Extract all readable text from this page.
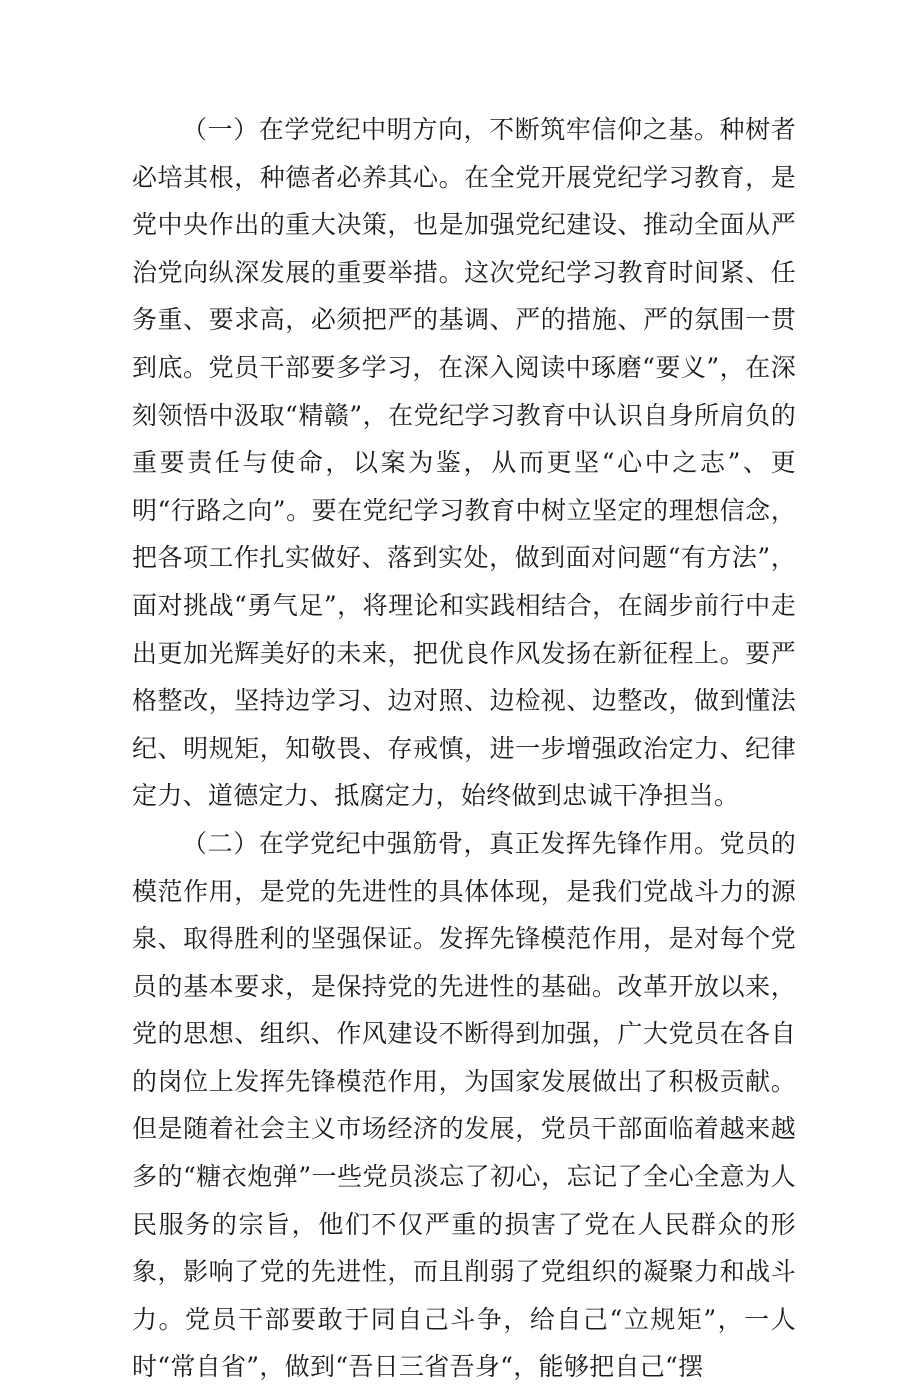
（一）在学党纪中明方向，不断筑牢信仰之基。种树者必培其根，种德者必养其心。在全党开展党纪学习教育，是党中央作出的重大决策，也是加强党纪建设、推动全面从严治党向纵深发展的重要举措。这次党纪学习教育时间紧、任务重、要求高，必须把严的基调、严的措施、严的氛围一贯到底。党员干部要多学习，在深入阅读中琢磨“要义”，在深刻领悟中汲取“精赣”，在党纪学习教育中认识自身所肩负的重要责任与使命，以案为鉴，从而更坚“心中之志”、更明“行路之向”。要在党纪学习教育中树立坚定的理想信念，把各项工作扎实做好、落到实处，做到面对问题“有方法”，面对挑战“勇气足”，将理论和实践相结合，在阔步前行中走出更加光辉美好的未来，把优良作风发扬在新征程上。要严格整改，坚持边学习、边对照、边检视、边整改，做到懂法纪、明规矩，知敬畏、存戒慎，进一步增强政治定力、纪律定力、道德定力、抵腐定力，始终做到忠诚干净担当。

（二）在学党纪中强筋骨，真正发挥先锋作用。党员的模范作用，是党的先进性的具体体现，是我们党战斗力的源泉、取得胜利的坚强保证。发挥先锋模范作用，是对每个党员的基本要求，是保持党的先进性的基础。改革开放以来，党的思想、组织、作风建设不断得到加强，广大党员在各自的岗位上发挥先锋模范作用，为国家发展做出了积极贡献。但是随着社会主义市场经济的发展，党员干部面临着越来越多的“糖衣炮弹”一些党员淡忘了初心，忘记了全心全意为人民服务的宗旨，他们不仅严重的损害了党在人民群众的形象，影响了党的先进性，而且削弱了党组织的凝聚力和战斗力。党员干部要敢于同自己斗争，给自己“立规矩”，一人时“常自省”，做到“吾日三省吾身“，能够把自己“摆
